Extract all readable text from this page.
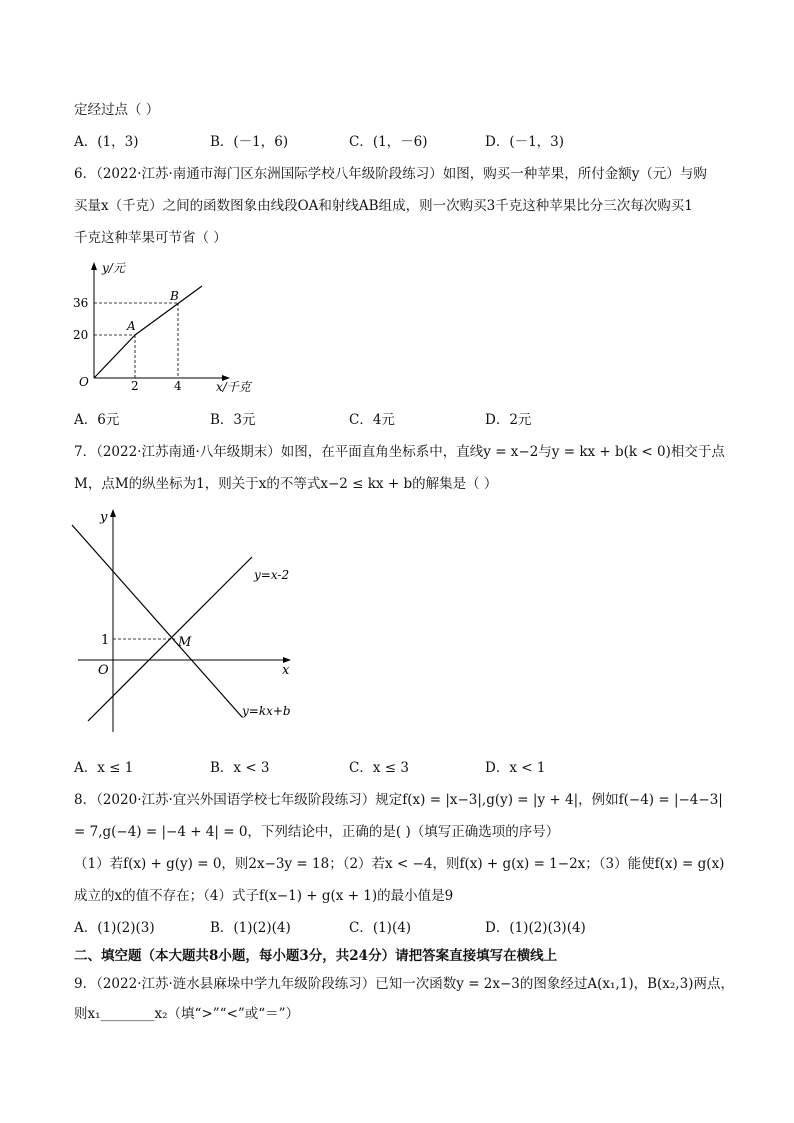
定经过点（ ）
A．(1，3)	B．(－1，6)	C．(1，－6)	D．(－1，3)
6．（2022·江苏·南通市海门区东洲国际学校八年级阶段练习）如图，购买一种苹果，所付金额y（元）与购
买量x（千克）之间的函数图象由线段OA和射线AB组成，则一次购买3千克这种苹果比分三次每次购买1
千克这种苹果可节省（ ）
y/元
x/千克
O
36
20
2	4
A
B
A．6元	B．3元	C．4元	D．2元
7．（2022·江苏南通·八年级期末）如图，在平面直角坐标系中，直线y = x−2与y = kx + b(k < 0)相交于点
M，点M的纵坐标为1，则关于x的不等式x−2 ≤ kx + b的解集是（ ）
y
x
O
1	M
y=x-2
y=kx+b
A．x ≤ 1	B．x < 3	C．x ≤ 3	D．x < 1
8．（2020·江苏·宜兴外国语学校七年级阶段练习）规定f(x) = |x−3|,g(y) = |y + 4|，例如f(−4) = |−4−3|
= 7,g(−4) = |−4 + 4| = 0，下列结论中，正确的是( )（填写正确选项的序号）
（1）若f(x) + g(y) = 0，则2x−3y = 18；（2）若x < −4，则f(x) + g(x) = 1−2x；（3）能使f(x) = g(x)
成立的x的值不存在；（4）式子f(x−1) + g(x + 1)的最小值是9
A．(1)(2)(3)	B．(1)(2)(4)	C．(1)(4)	D．(1)(2)(3)(4)
二、填空题（本大题共8小题，每小题3分，共24分）请把答案直接填写在横线上
9．（2022·江苏·涟水县麻垛中学九年级阶段练习）已知一次函数y = 2x−3的图象经过A(x₁,1)，B(x₂,3)两点，
则x₁________x₂（填“>”“<”或“＝”）
